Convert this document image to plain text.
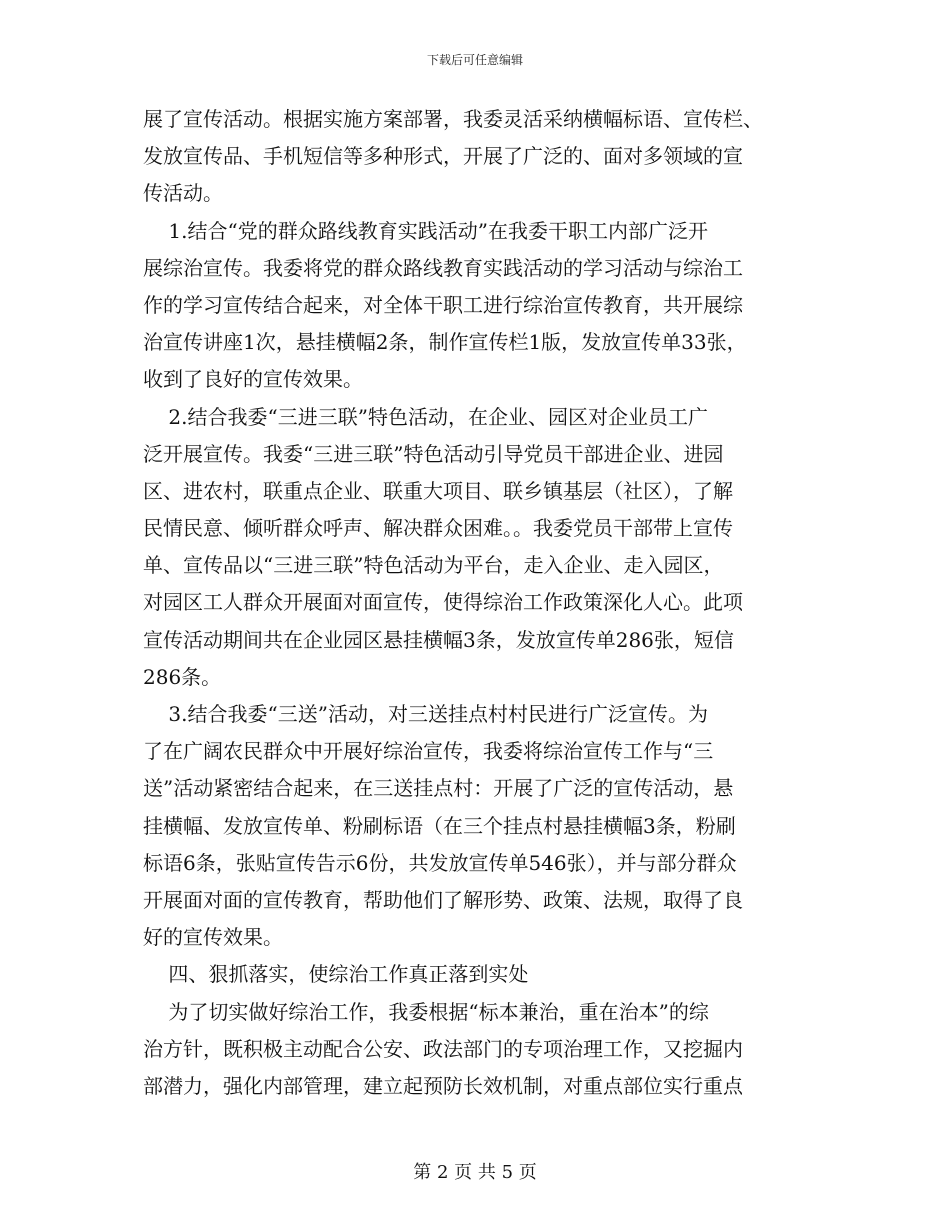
下载后可任意编辑
展了宣传活动。根据实施方案部署，我委灵活采纳横幅标语、宣传栏、
发放宣传品、手机短信等多种形式，开展了广泛的、面对多领域的宣
传活动。
1.结合“党的群众路线教育实践活动”在我委干职工内部广泛开
展综治宣传。我委将党的群众路线教育实践活动的学习活动与综治工
作的学习宣传结合起来，对全体干职工进行综治宣传教育，共开展综
治宣传讲座1次，悬挂横幅2条，制作宣传栏1版，发放宣传单33张，
收到了良好的宣传效果。
2.结合我委“三进三联”特色活动，在企业、园区对企业员工广
泛开展宣传。我委“三进三联”特色活动引导党员干部进企业、进园
区、进农村，联重点企业、联重大项目、联乡镇基层（社区），了解
民情民意、倾听群众呼声、解决群众困难。。我委党员干部带上宣传
单、宣传品以“三进三联”特色活动为平台，走入企业、走入园区，
对园区工人群众开展面对面宣传，使得综治工作政策深化人心。此项
宣传活动期间共在企业园区悬挂横幅3条，发放宣传单286张，短信
286条。
3.结合我委“三送”活动，对三送挂点村村民进行广泛宣传。为
了在广阔农民群众中开展好综治宣传，我委将综治宣传工作与“三
送”活动紧密结合起来，在三送挂点村：开展了广泛的宣传活动，悬
挂横幅、发放宣传单、粉刷标语（在三个挂点村悬挂横幅3条，粉刷
标语6条，张贴宣传告示6份，共发放宣传单546张），并与部分群众
开展面对面的宣传教育，帮助他们了解形势、政策、法规，取得了良
好的宣传效果。
四、狠抓落实，使综治工作真正落到实处
为了切实做好综治工作，我委根据“标本兼治，重在治本”的综
治方针，既积极主动配合公安、政法部门的专项治理工作，又挖掘内
部潜力，强化内部管理，建立起预防长效机制，对重点部位实行重点
第 2 页 共 5 页
